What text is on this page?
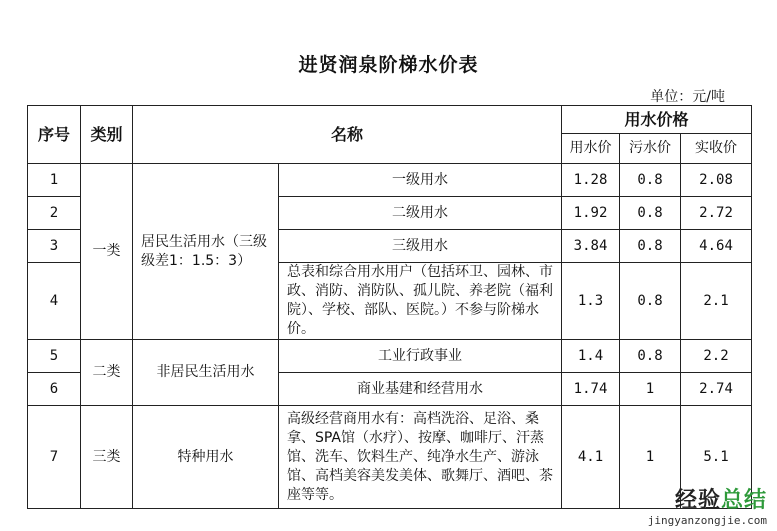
进贤润泉阶梯水价表
单位：元/吨
序号	类别	名称		用水价格		
				用水价	污水价	实收价
1	一类	居民生活用水（三级级差1：1.5：3）	一级用水	1.28	0.8	2.08
2			二级用水	1.92	0.8	2.72
3			三级用水	3.84	0.8	4.64
4			总表和综合用水用户（包括环卫、园林、市政、消防、消防队、孤儿院、养老院（福利院）、学校、部队、医院。）不参与阶梯水价。	1.3	0.8	2.1
5	二类	非居民生活用水	工业行政事业	1.4	0.8	2.2
6			商业基建和经营用水	1.74	1	2.74
7	三类	特种用水	高级经营商用水有：高档洗浴、足浴、桑拿、SPA馆（水疗）、按摩、咖啡厅、汗蒸馆、洗车、饮料生产、纯净水生产、游泳馆、高档美容美发美体、歌舞厅、酒吧、茶座等等。	4.1	1	5.1
经验总结
jingyanzongjie.com
